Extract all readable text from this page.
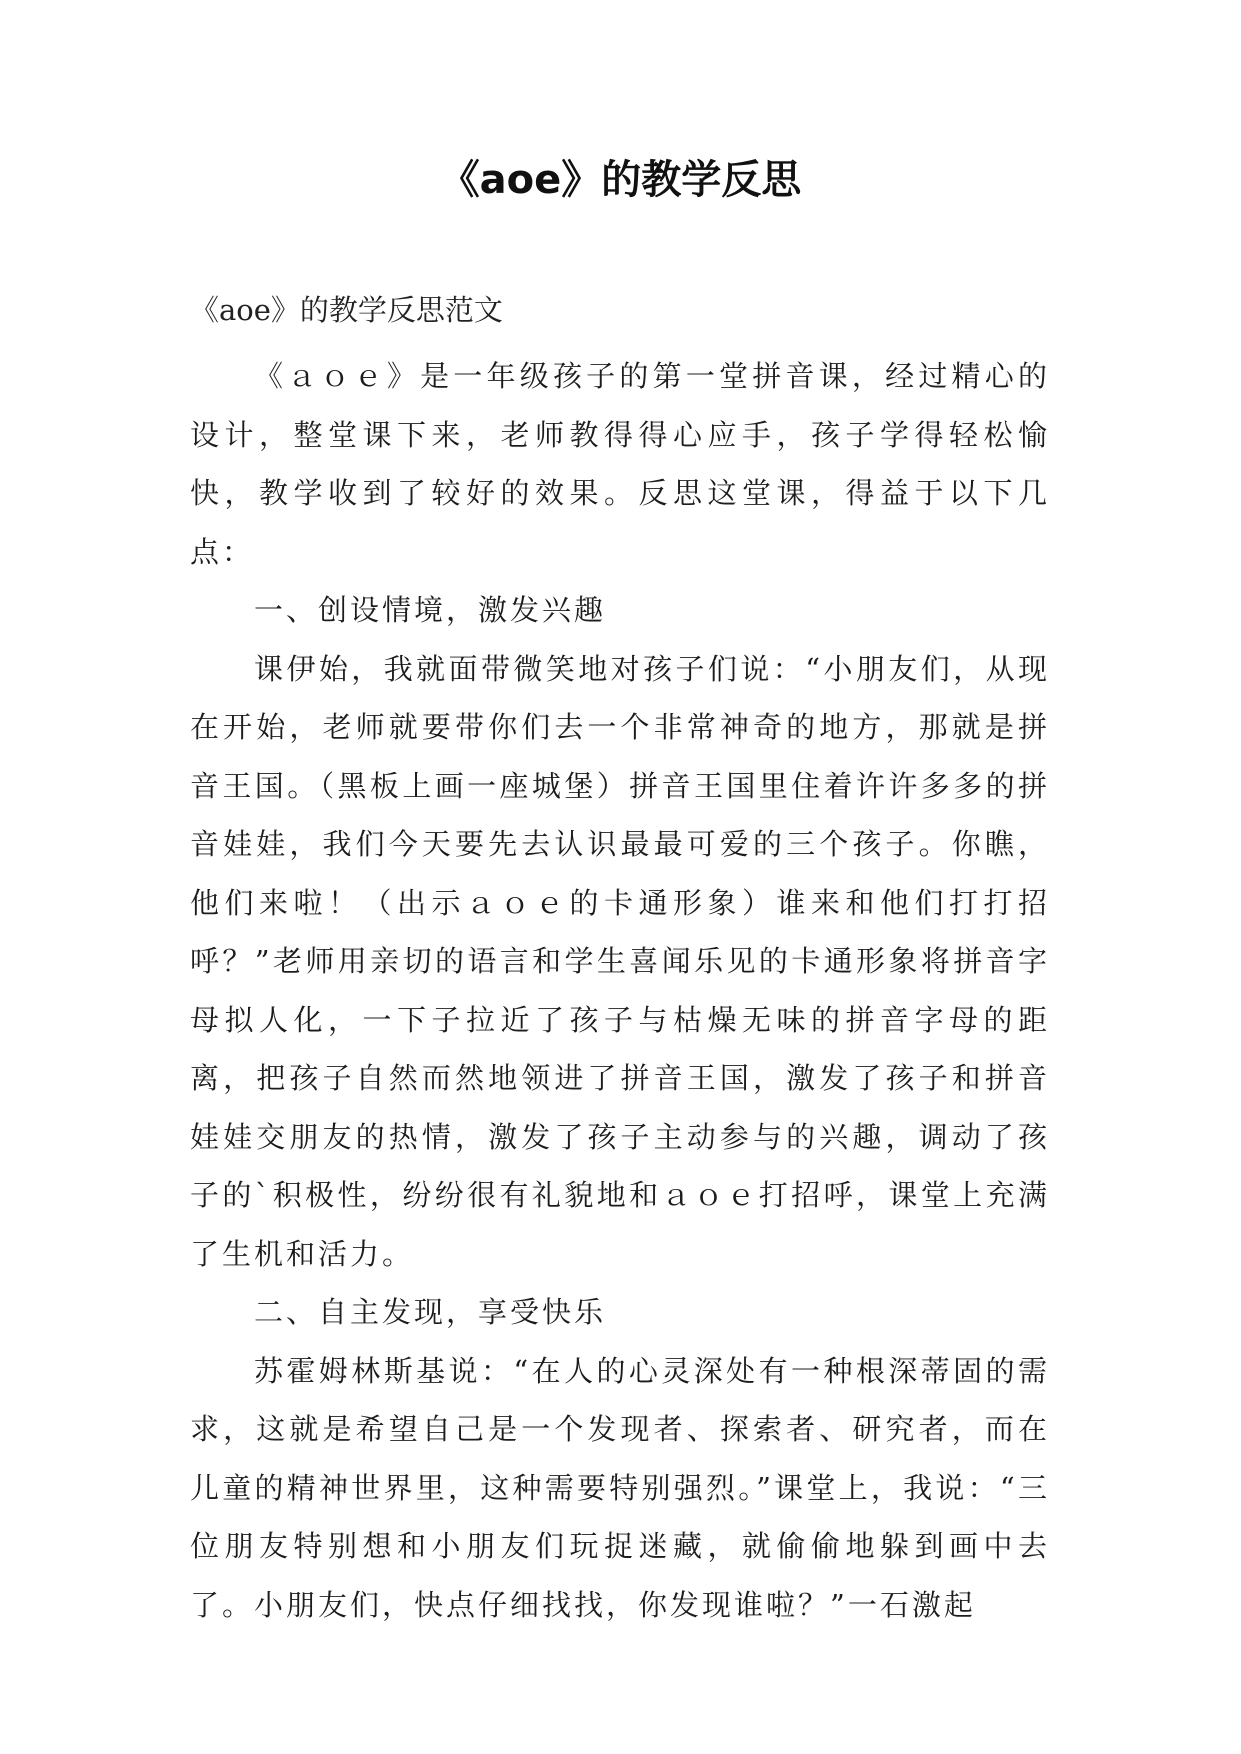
《aoe》的教学反思

《aoe》的教学反思范文

《ａｏｅ》是一年级孩子的第一堂拼音课，经过精心的设计，整堂课下来，老师教得得心应手，孩子学得轻松愉快，教学收到了较好的效果。反思这堂课，得益于以下几点：

一、创设情境，激发兴趣

课伊始，我就面带微笑地对孩子们说：“小朋友们，从现在开始，老师就要带你们去一个非常神奇的地方，那就是拼音王国。（黑板上画一座城堡）拼音王国里住着许许多多的拼音娃娃，我们今天要先去认识最最可爱的三个孩子。你瞧，他们来啦！（出示ａｏｅ的卡通形象）谁来和他们打打招呼？”老师用亲切的语言和学生喜闻乐见的卡通形象将拼音字母拟人化，一下子拉近了孩子与枯燥无味的拼音字母的距离，把孩子自然而然地领进了拼音王国，激发了孩子和拼音娃娃交朋友的热情，激发了孩子主动参与的兴趣，调动了孩子的`积极性，纷纷很有礼貌地和ａｏｅ打招呼，课堂上充满了生机和活力。

二、自主发现，享受快乐

苏霍姆林斯基说：“在人的心灵深处有一种根深蒂固的需求，这就是希望自己是一个发现者、探索者、研究者，而在儿童的精神世界里，这种需要特别强烈。”课堂上，我说：“三位朋友特别想和小朋友们玩捉迷藏，就偷偷地躲到画中去了。小朋友们，快点仔细找找，你发现谁啦？”一石激起
